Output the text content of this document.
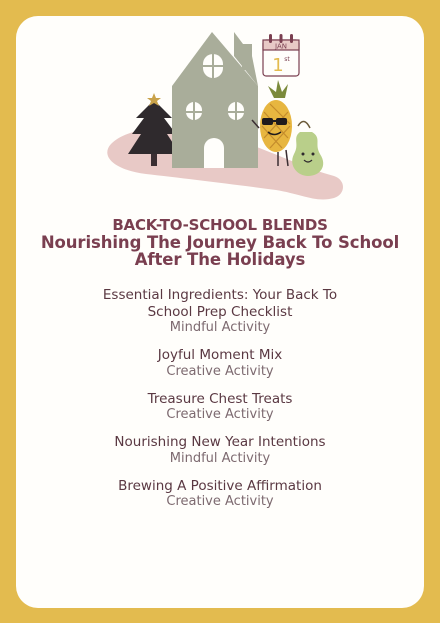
JAN
1 st
BACK-TO-SCHOOL BLENDS
Nourishing The Journey Back To School After The Holidays
Essential Ingredients: Your Back To School Prep Checklist
Mindful Activity
Joyful Moment Mix
Creative Activity
Treasure Chest Treats
Creative Activity
Nourishing New Year Intentions
Mindful Activity
Brewing A Positive Affirmation
Creative Activity
